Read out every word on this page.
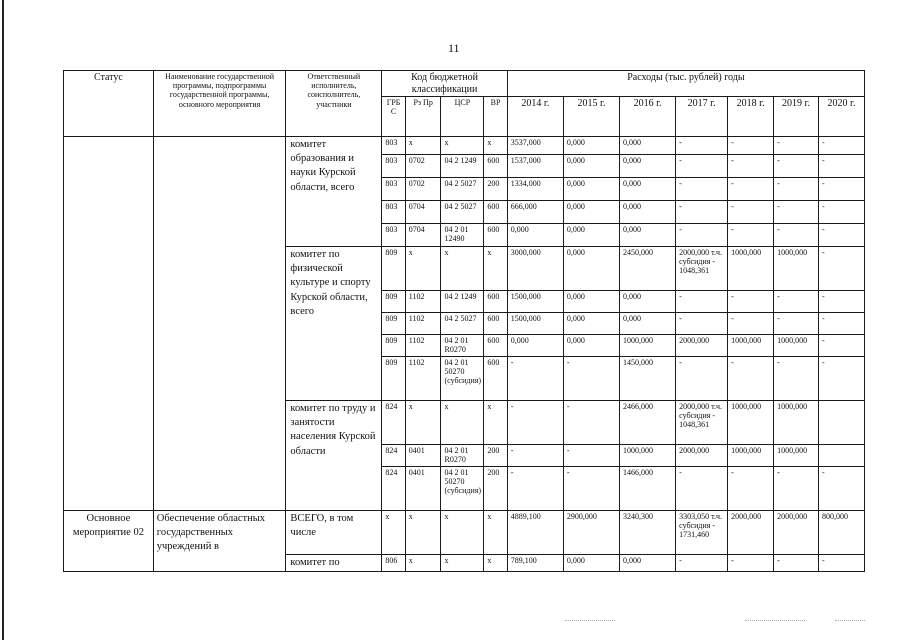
11
Статус	Наименование государственной программы, подпрограммы государственной программы, основного мероприятия	Ответственный исполнитель, соисполнитель, участники	Код бюджетной классификации				Расходы (тыс. рублей) годы						
			ГРБ С	Рз Пр	ЦСР	ВР	2014 г.	2015 г.	2016 г.	2017 г.	2018 г.	2019 г.	2020 г.
		комитет образования и науки Курской области, всего	803	x	x	x	3537,000	0,000	0,000	-	-	-	-
			803	0702	04 2 1249	600	1537,000	0,000	0,000	-	-	-	-
			803	0702	04 2 5027	200	1334,000	0,000	0,000	-	-	-	-
			803	0704	04 2 5027	600	666,000	0,000	0,000	-	-	-	-
			803	0704	04 2 01 12490	600	0,000	0,000	0,000	-	-	-	-
		комитет по физической культуре и спорту Курской области, всего	809	x	x	x	3000,000	0,000	2450,000	2000,000 т.ч. субсидия - 1048,361	1000,000	1000,000	-
			809	1102	04 2 1249	600	1500,000	0,000	0,000	-	-	-	-
			809	1102	04 2 5027	600	1500,000	0,000	0,000	-	-	-	-
			809	1102	04 2 01 R0270	600	0,000	0,000	1000,000	2000,000	1000,000	1000,000	-
			809	1102	04 2 01 50270 (субсидия)	600	-	-	1450,000	-	-	-	-
		комитет по труду и занятости населения Курской области	824	x	x	x	-	-	2466,000	2000,000 т.ч. субсидия - 1048,361	1000,000	1000,000	
			824	0401	04 2 01 R0270	200	-	-	1000,000	2000,000	1000,000	1000,000	
			824	0401	04 2 01 50270 (субсидия)	200	-	-	1466,000	-	-	-	-
Основное мероприятие 02	Обеспечение областных государственных учреждений в	ВСЕГО, в том числе	x	x	x	x	4889,100	2900,000	3240,300	3303,050 т.ч. субсидия - 1731,460	2000,000	2000,000	800,000
		комитет по	806	x	x	x	789,100	0,000	0,000	-	-	-	-
